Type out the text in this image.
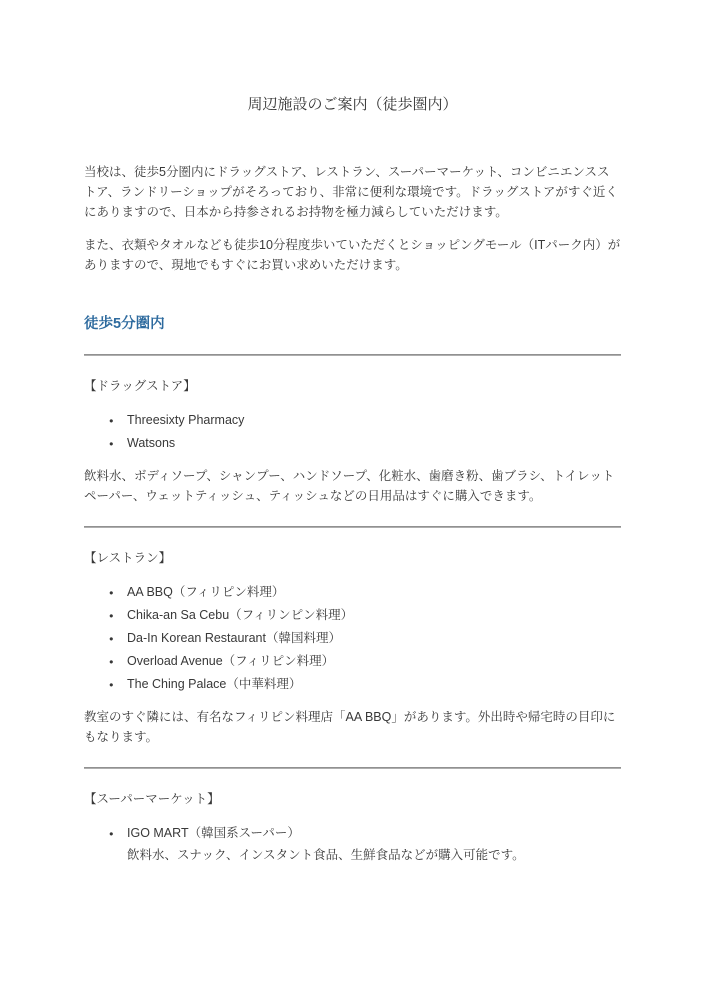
周辺施設のご案内（徒歩圏内）

当校は、徒歩5分圏内にドラッグストア、レストラン、スーパーマーケット、コンビニエンスストア、ランドリーショップがそろっており、非常に便利な環境です。ドラッグストアがすぐ近くにありますので、日本から持参されるお持物を極力減らしていただけます。

また、衣類やタオルなども徒歩10分程度歩いていただくとショッピングモール（ITパーク内）がありますので、現地でもすぐにお買い求めいただけます。

徒歩5分圏内

【ドラッグストア】

● Threesixty Pharmacy
● Watsons

飲料水、ボディソープ、シャンプー、ハンドソープ、化粧水、歯磨き粉、歯ブラシ、トイレットペーパー、ウェットティッシュ、ティッシュなどの日用品はすぐに購入できます。

【レストラン】

● AA BBQ（フィリピン料理）
● Chika-an Sa Cebu（フィリンピン料理）
● Da-In Korean Restaurant（韓国料理）
● Overload Avenue（フィリピン料理）
● The Ching Palace（中華料理）

教室のすぐ隣には、有名なフィリピン料理店「AA BBQ」があります。外出時や帰宅時の目印にもなります。

【スーパーマーケット】

● IGO MART（韓国系スーパー）
飲料水、スナック、インスタント食品、生鮮食品などが購入可能です。
